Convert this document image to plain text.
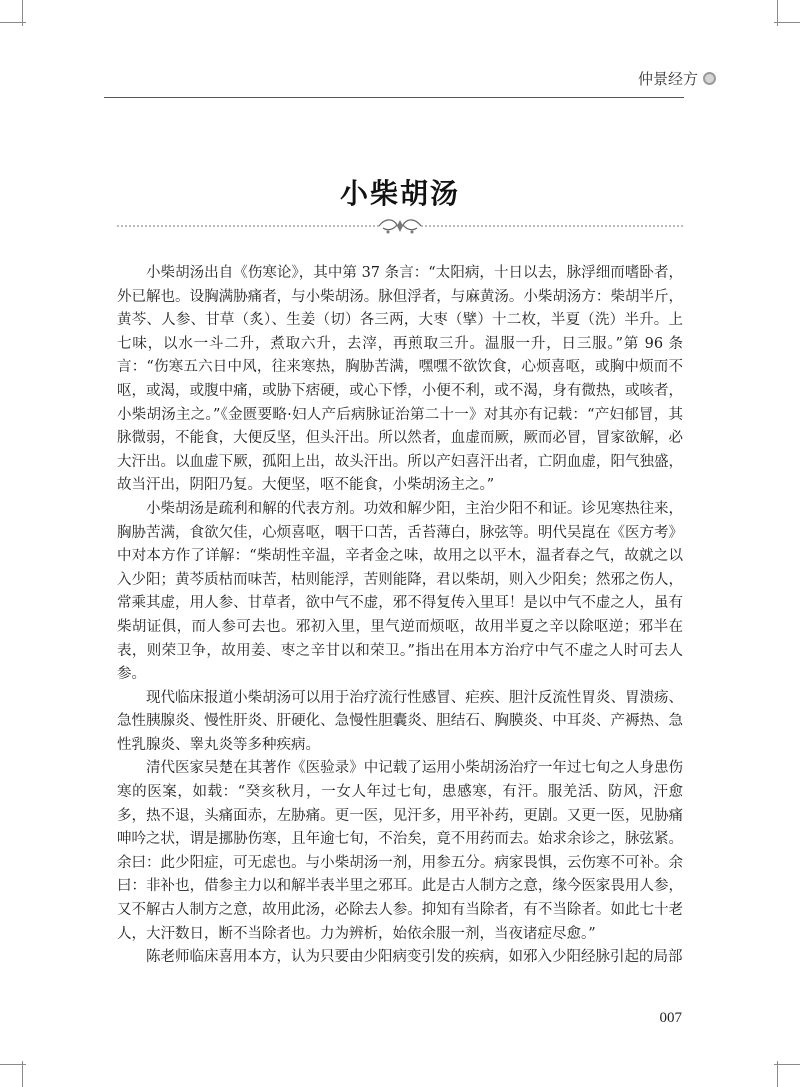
仲景经方
小柴胡汤

小柴胡汤出自《伤寒论》，其中第 37 条言：“太阳病，十日以去，脉浮细而嗜卧者，外已解也。设胸满胁痛者，与小柴胡汤。脉但浮者，与麻黄汤。小柴胡汤方：柴胡半斤，黄芩、人参、甘草（炙）、生姜（切）各三两，大枣（擘）十二枚，半夏（洗）半升。上七味，以水一斗二升，煮取六升，去滓，再煎取三升。温服一升，日三服。”第 96 条言：“伤寒五六日中风，往来寒热，胸胁苦满，嘿嘿不欲饮食，心烦喜呕，或胸中烦而不呕，或渴，或腹中痛，或胁下痞硬，或心下悸，小便不利，或不渴，身有微热，或咳者，小柴胡汤主之。”《金匮要略·妇人产后病脉证治第二十一》对其亦有记载：“产妇郁冒，其脉微弱，不能食，大便反坚，但头汗出。所以然者，血虚而厥，厥而必冒，冒家欲解，必大汗出。以血虚下厥，孤阳上出，故头汗出。所以产妇喜汗出者，亡阴血虚，阳气独盛，故当汗出，阴阳乃复。大便坚，呕不能食，小柴胡汤主之。”

小柴胡汤是疏利和解的代表方剂。功效和解少阳，主治少阳不和证。诊见寒热往来，胸胁苦满，食欲欠佳，心烦喜呕，咽干口苦，舌苔薄白，脉弦等。明代吴崑在《医方考》中对本方作了详解：“柴胡性辛温，辛者金之味，故用之以平木，温者春之气，故就之以入少阳；黄芩质枯而味苦，枯则能浮，苦则能降，君以柴胡，则入少阳矣；然邪之伤人，常乘其虚，用人参、甘草者，欲中气不虚，邪不得复传入里耳！是以中气不虚之人，虽有柴胡证俱，而人参可去也。邪初入里，里气逆而烦呕，故用半夏之辛以除呕逆；邪半在表，则荣卫争，故用姜、枣之辛甘以和荣卫。”指出在用本方治疗中气不虚之人时可去人参。

现代临床报道小柴胡汤可以用于治疗流行性感冒、疟疾、胆汁反流性胃炎、胃溃疡、急性胰腺炎、慢性肝炎、肝硬化、急慢性胆囊炎、胆结石、胸膜炎、中耳炎、产褥热、急性乳腺炎、睾丸炎等多种疾病。

清代医家吴楚在其著作《医验录》中记载了运用小柴胡汤治疗一年过七旬之人身患伤寒的医案，如载：“癸亥秋月，一女人年过七旬，患感寒，有汗。服羌活、防风，汗愈多，热不退，头痛面赤，左胁痛。更一医，见汗多，用平补药，更剧。又更一医，见胁痛呻吟之状，谓是挪胁伤寒，且年逾七旬，不治矣，竟不用药而去。始求余诊之，脉弦紧。余曰：此少阳症，可无虑也。与小柴胡汤一剂，用参五分。病家畏惧，云伤寒不可补。余曰：非补也，借参主力以和解半表半里之邪耳。此是古人制方之意，缘今医家畏用人参，又不解古人制方之意，故用此汤，必除去人参。抑知有当除者，有不当除者。如此七十老人，大汗数日，断不当除者也。力为辨析，始依余服一剂，当夜诸症尽愈。”

陈老师临床喜用本方，认为只要由少阳病变引发的疾病，如邪入少阳经脉引起的局部

007
